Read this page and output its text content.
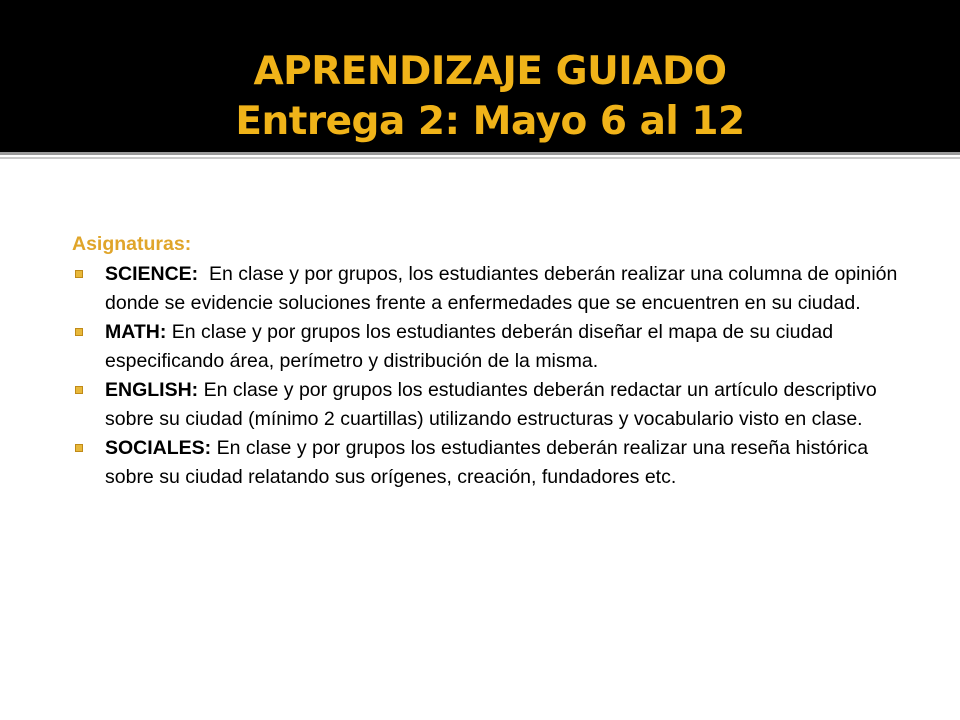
APRENDIZAJE GUIADO
Entrega 2: Mayo 6 al 12
Asignaturas:
SCIENCE:  En clase y por grupos, los estudiantes deberán realizar una columna de opinión donde se evidencie soluciones frente a enfermedades que se encuentren en su ciudad.
MATH: En clase y por grupos los estudiantes deberán diseñar el mapa de su ciudad especificando área, perímetro y distribución de la misma.
ENGLISH: En clase y por grupos los estudiantes deberán redactar un artículo descriptivo sobre su ciudad (mínimo 2 cuartillas) utilizando estructuras y vocabulario visto en clase.
SOCIALES: En clase y por grupos los estudiantes deberán realizar una reseña histórica sobre su ciudad relatando sus orígenes, creación, fundadores etc.
